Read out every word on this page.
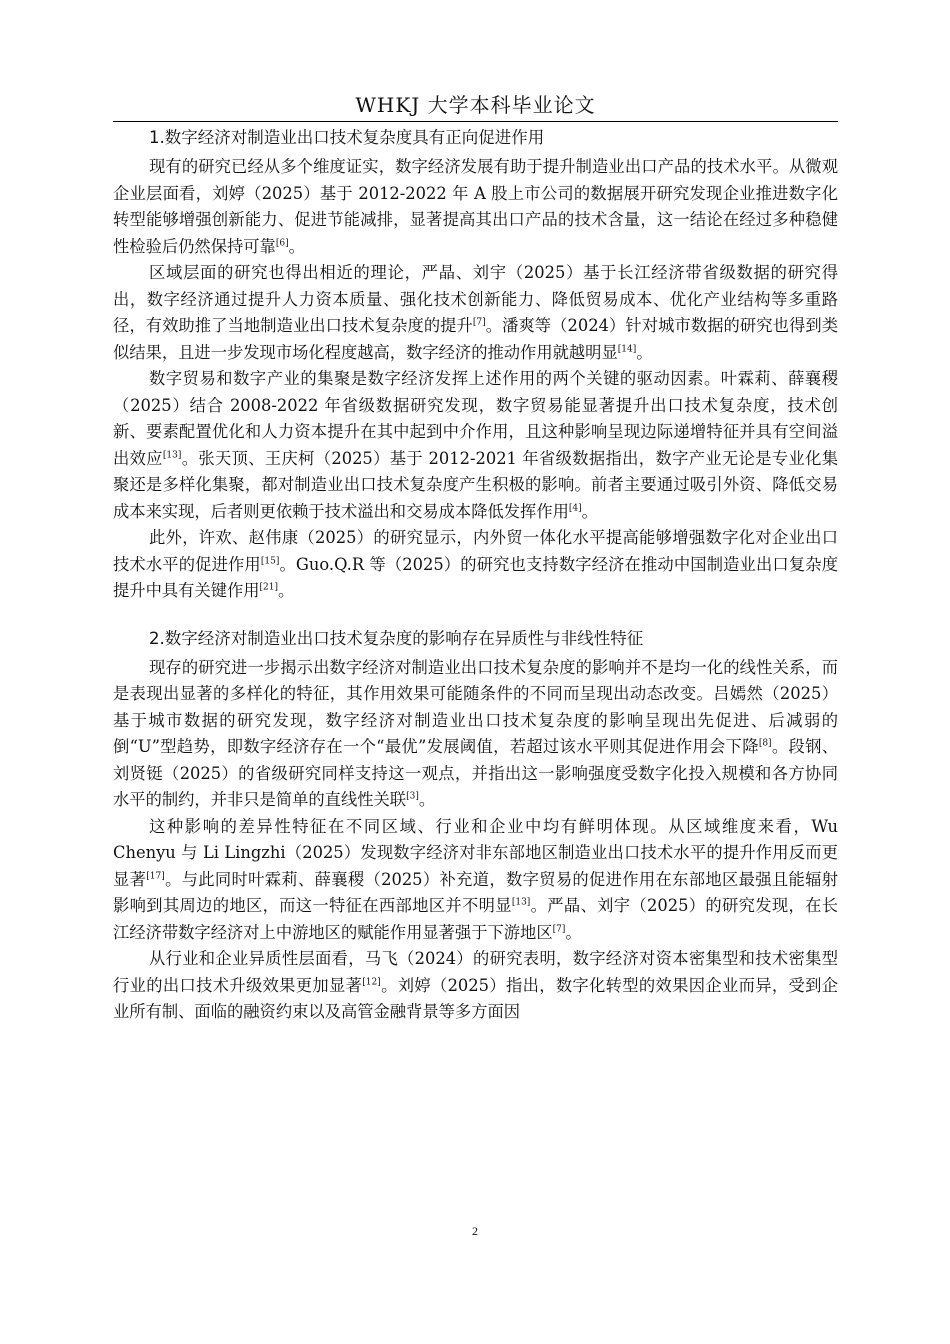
WHKJ 大学本科毕业论文
1.数字经济对制造业出口技术复杂度具有正向促进作用

现有的研究已经从多个维度证实，数字经济发展有助于提升制造业出口产品的技术水平。从微观企业层面看，刘婷（2025）基于 2012-2022 年 A 股上市公司的数据展开研究发现企业推进数字化转型能够增强创新能力、促进节能减排，显著提高其出口产品的技术含量，这一结论在经过多种稳健性检验后仍然保持可靠[6]。

区域层面的研究也得出相近的理论，严晶、刘宇（2025）基于长江经济带省级数据的研究得出，数字经济通过提升人力资本质量、强化技术创新能力、降低贸易成本、优化产业结构等多重路径，有效助推了当地制造业出口技术复杂度的提升[7]。潘爽等（2024）针对城市数据的研究也得到类似结果，且进一步发现市场化程度越高，数字经济的推动作用就越明显[14]。

数字贸易和数字产业的集聚是数字经济发挥上述作用的两个关键的驱动因素。叶霖莉、薛襄稷（2025）结合 2008-2022 年省级数据研究发现，数字贸易能显著提升出口技术复杂度，技术创新、要素配置优化和人力资本提升在其中起到中介作用，且这种影响呈现边际递增特征并具有空间溢出效应[13]。张天顶、王庆柯（2025）基于 2012-2021 年省级数据指出，数字产业无论是专业化集聚还是多样化集聚，都对制造业出口技术复杂度产生积极的影响。前者主要通过吸引外资、降低交易成本来实现，后者则更依赖于技术溢出和交易成本降低发挥作用[4]。

此外，许欢、赵伟康（2025）的研究显示，内外贸一体化水平提高能够增强数字化对企业出口技术水平的促进作用[15]。Guo.Q.R 等（2025）的研究也支持数字经济在推动中国制造业出口复杂度提升中具有关键作用[21]。

2.数字经济对制造业出口技术复杂度的影响存在异质性与非线性特征

现存的研究进一步揭示出数字经济对制造业出口技术复杂度的影响并不是均一化的线性关系，而是表现出显著的多样化的特征，其作用效果可能随条件的不同而呈现出动态改变。吕嫣然（2025）基于城市数据的研究发现，数字经济对制造业出口技术复杂度的影响呈现出先促进、后减弱的倒“U”型趋势，即数字经济存在一个“最优”发展阈值，若超过该水平则其促进作用会下降[8]。段钢、刘贤铤（2025）的省级研究同样支持这一观点，并指出这一影响强度受数字化投入规模和各方协同水平的制约，并非只是简单的直线性关联[3]。

这种影响的差异性特征在不同区域、行业和企业中均有鲜明体现。从区域维度来看，Wu Chenyu 与 Li Lingzhi（2025）发现数字经济对非东部地区制造业出口技术水平的提升作用反而更显著[17]。与此同时叶霖莉、薛襄稷（2025）补充道，数字贸易的促进作用在东部地区最强且能辐射影响到其周边的地区，而这一特征在西部地区并不明显[13]。严晶、刘宇（2025）的研究发现，在长江经济带数字经济对上中游地区的赋能作用显著强于下游地区[7]。

从行业和企业异质性层面看，马飞（2024）的研究表明，数字经济对资本密集型和技术密集型行业的出口技术升级效果更加显著[12]。刘婷（2025）指出，数字化转型的效果因企业而异，受到企业所有制、面临的融资约束以及高管金融背景等多方面因

2
